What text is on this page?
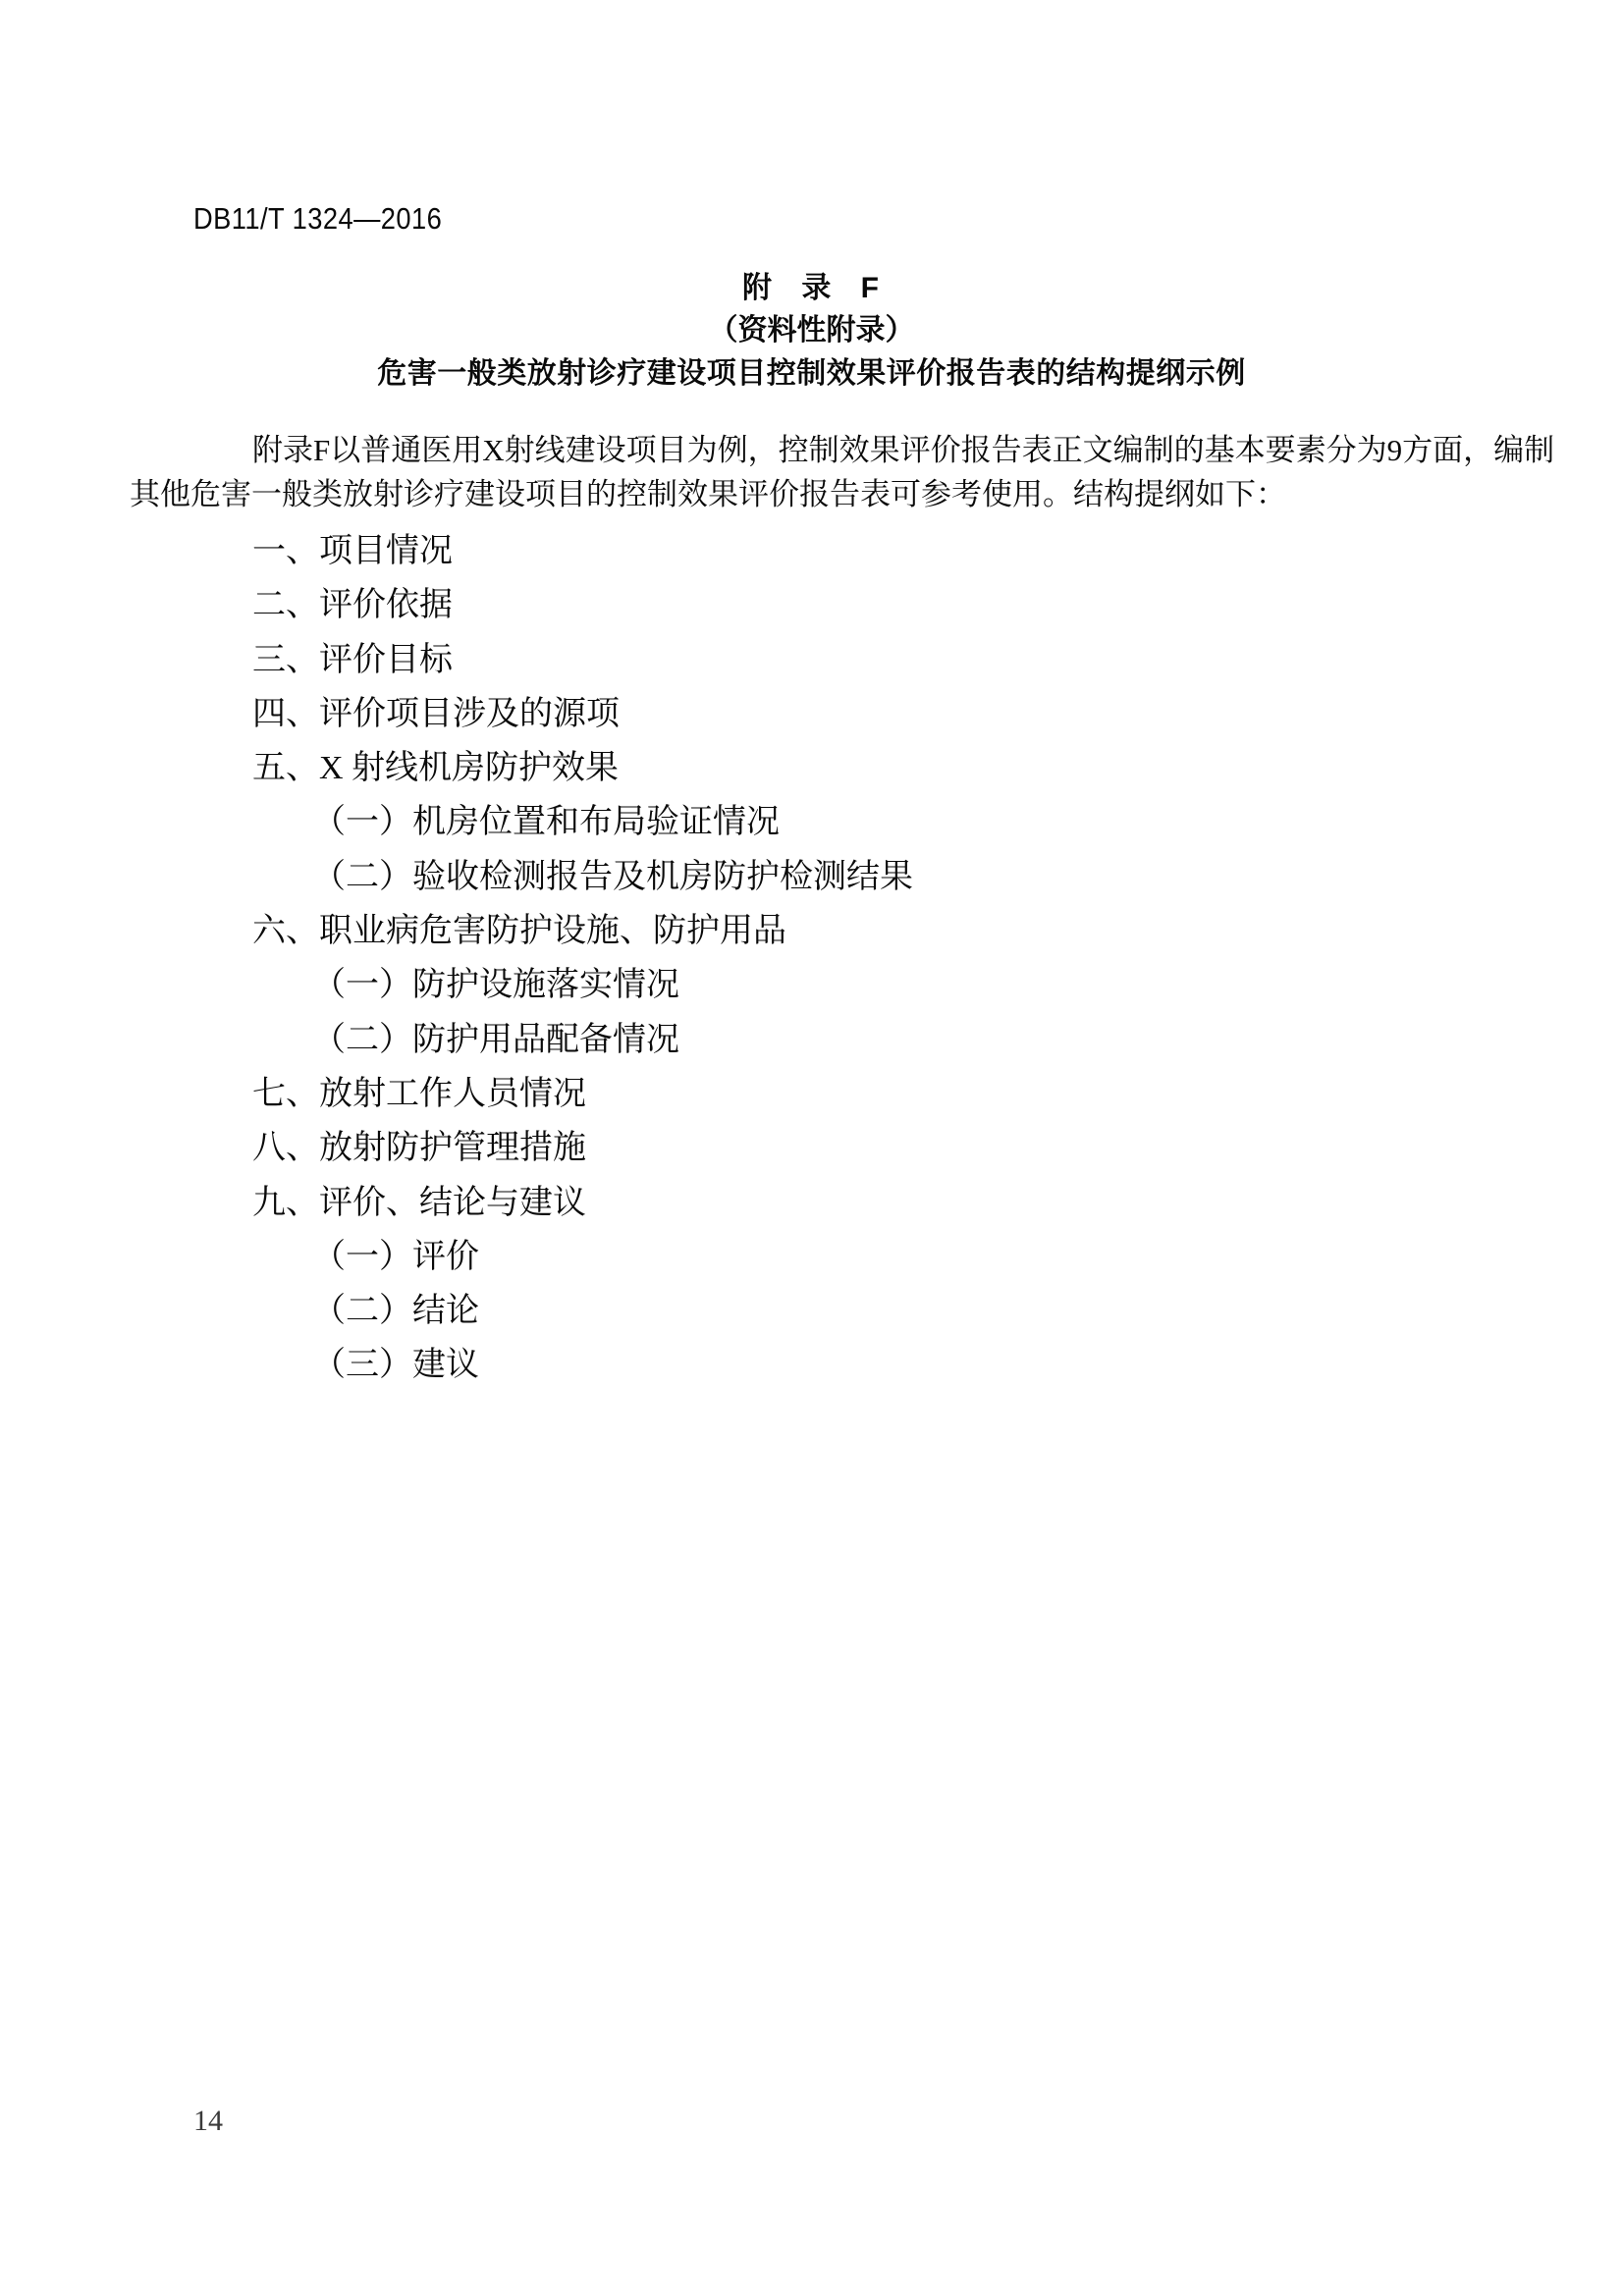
DB11/T 1324—2016
附 录 F
（资料性附录）
危害一般类放射诊疗建设项目控制效果评价报告表的结构提纲示例
附录F以普通医用X射线建设项目为例，控制效果评价报告表正文编制的基本要素分为9方面，编制
其他危害一般类放射诊疗建设项目的控制效果评价报告表可参考使用。结构提纲如下：
一、项目情况
二、评价依据
三、评价目标
四、评价项目涉及的源项
五、X 射线机房防护效果
（一）机房位置和布局验证情况
（二）验收检测报告及机房防护检测结果
六、职业病危害防护设施、防护用品
（一）防护设施落实情况
（二）防护用品配备情况
七、放射工作人员情况
八、放射防护管理措施
九、评价、结论与建议
（一）评价
（二）结论
（三）建议
14
